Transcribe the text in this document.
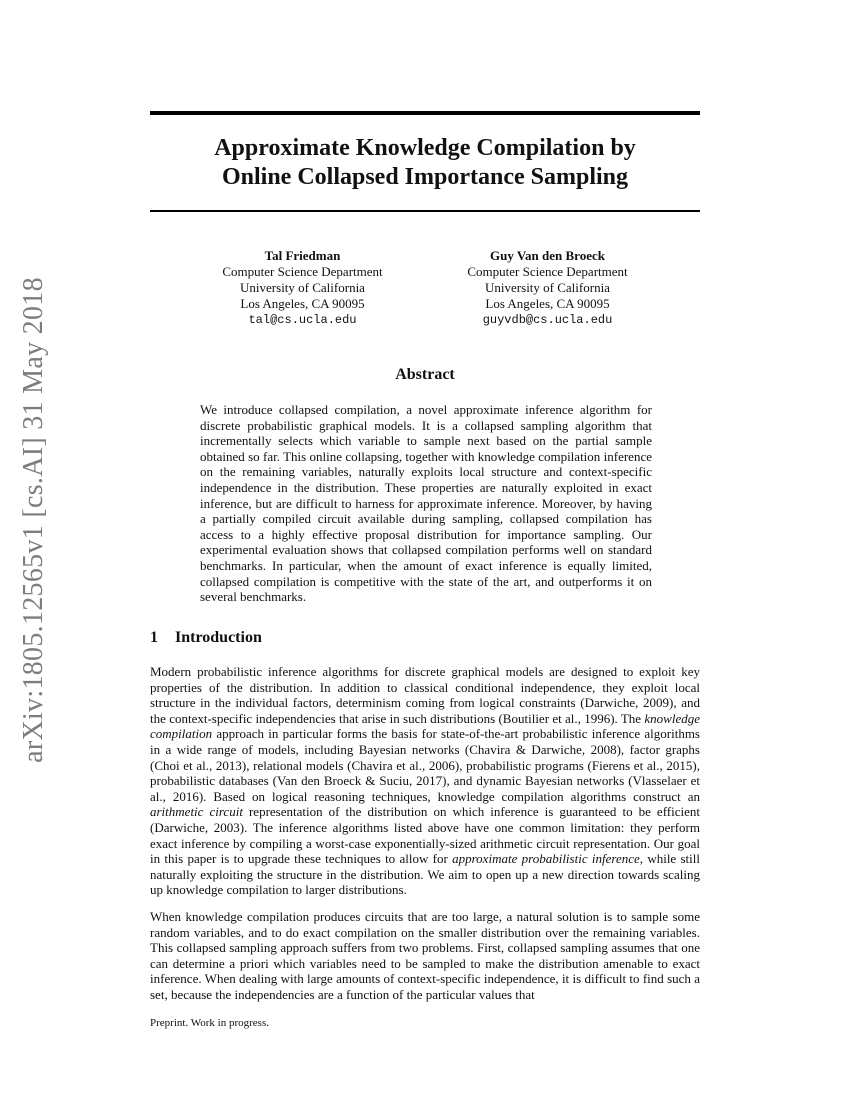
arXiv:1805.12565v1 [cs.AI] 31 May 2018
Approximate Knowledge Compilation by
Online Collapsed Importance Sampling
Tal Friedman
Computer Science Department
University of California
Los Angeles, CA 90095
tal@cs.ucla.edu
Guy Van den Broeck
Computer Science Department
University of California
Los Angeles, CA 90095
guyvdb@cs.ucla.edu
Abstract

We introduce collapsed compilation, a novel approximate inference algorithm for discrete probabilistic graphical models. It is a collapsed sampling algorithm that incrementally selects which variable to sample next based on the partial sample obtained so far. This online collapsing, together with knowledge compilation inference on the remaining variables, naturally exploits local structure and context-specific independence in the distribution. These properties are naturally exploited in exact inference, but are difficult to harness for approximate inference. Moreover, by having a partially compiled circuit available during sampling, collapsed compilation has access to a highly effective proposal distribution for importance sampling. Our experimental evaluation shows that collapsed compilation performs well on standard benchmarks. In particular, when the amount of exact inference is equally limited, collapsed compilation is competitive with the state of the art, and outperforms it on several benchmarks.

1 Introduction

Modern probabilistic inference algorithms for discrete graphical models are designed to exploit key properties of the distribution. In addition to classical conditional independence, they exploit local structure in the individual factors, determinism coming from logical constraints (Darwiche, 2009), and the context-specific independencies that arise in such distributions (Boutilier et al., 1996). The knowledge compilation approach in particular forms the basis for state-of-the-art probabilistic inference algorithms in a wide range of models, including Bayesian networks (Chavira & Darwiche, 2008), factor graphs (Choi et al., 2013), relational models (Chavira et al., 2006), probabilistic programs (Fierens et al., 2015), probabilistic databases (Van den Broeck & Suciu, 2017), and dynamic Bayesian networks (Vlasselaer et al., 2016). Based on logical reasoning techniques, knowledge compilation algorithms construct an arithmetic circuit representation of the distribution on which inference is guaranteed to be efficient (Darwiche, 2003). The inference algorithms listed above have one common limitation: they perform exact inference by compiling a worst-case exponentially-sized arithmetic circuit representation. Our goal in this paper is to upgrade these techniques to allow for approximate probabilistic inference, while still naturally exploiting the structure in the distribution. We aim to open up a new direction towards scaling up knowledge compilation to larger distributions.

When knowledge compilation produces circuits that are too large, a natural solution is to sample some random variables, and to do exact compilation on the smaller distribution over the remaining variables. This collapsed sampling approach suffers from two problems. First, collapsed sampling assumes that one can determine a priori which variables need to be sampled to make the distribution amenable to exact inference. When dealing with large amounts of context-specific independence, it is difficult to find such a set, because the independencies are a function of the particular values that

Preprint. Work in progress.
